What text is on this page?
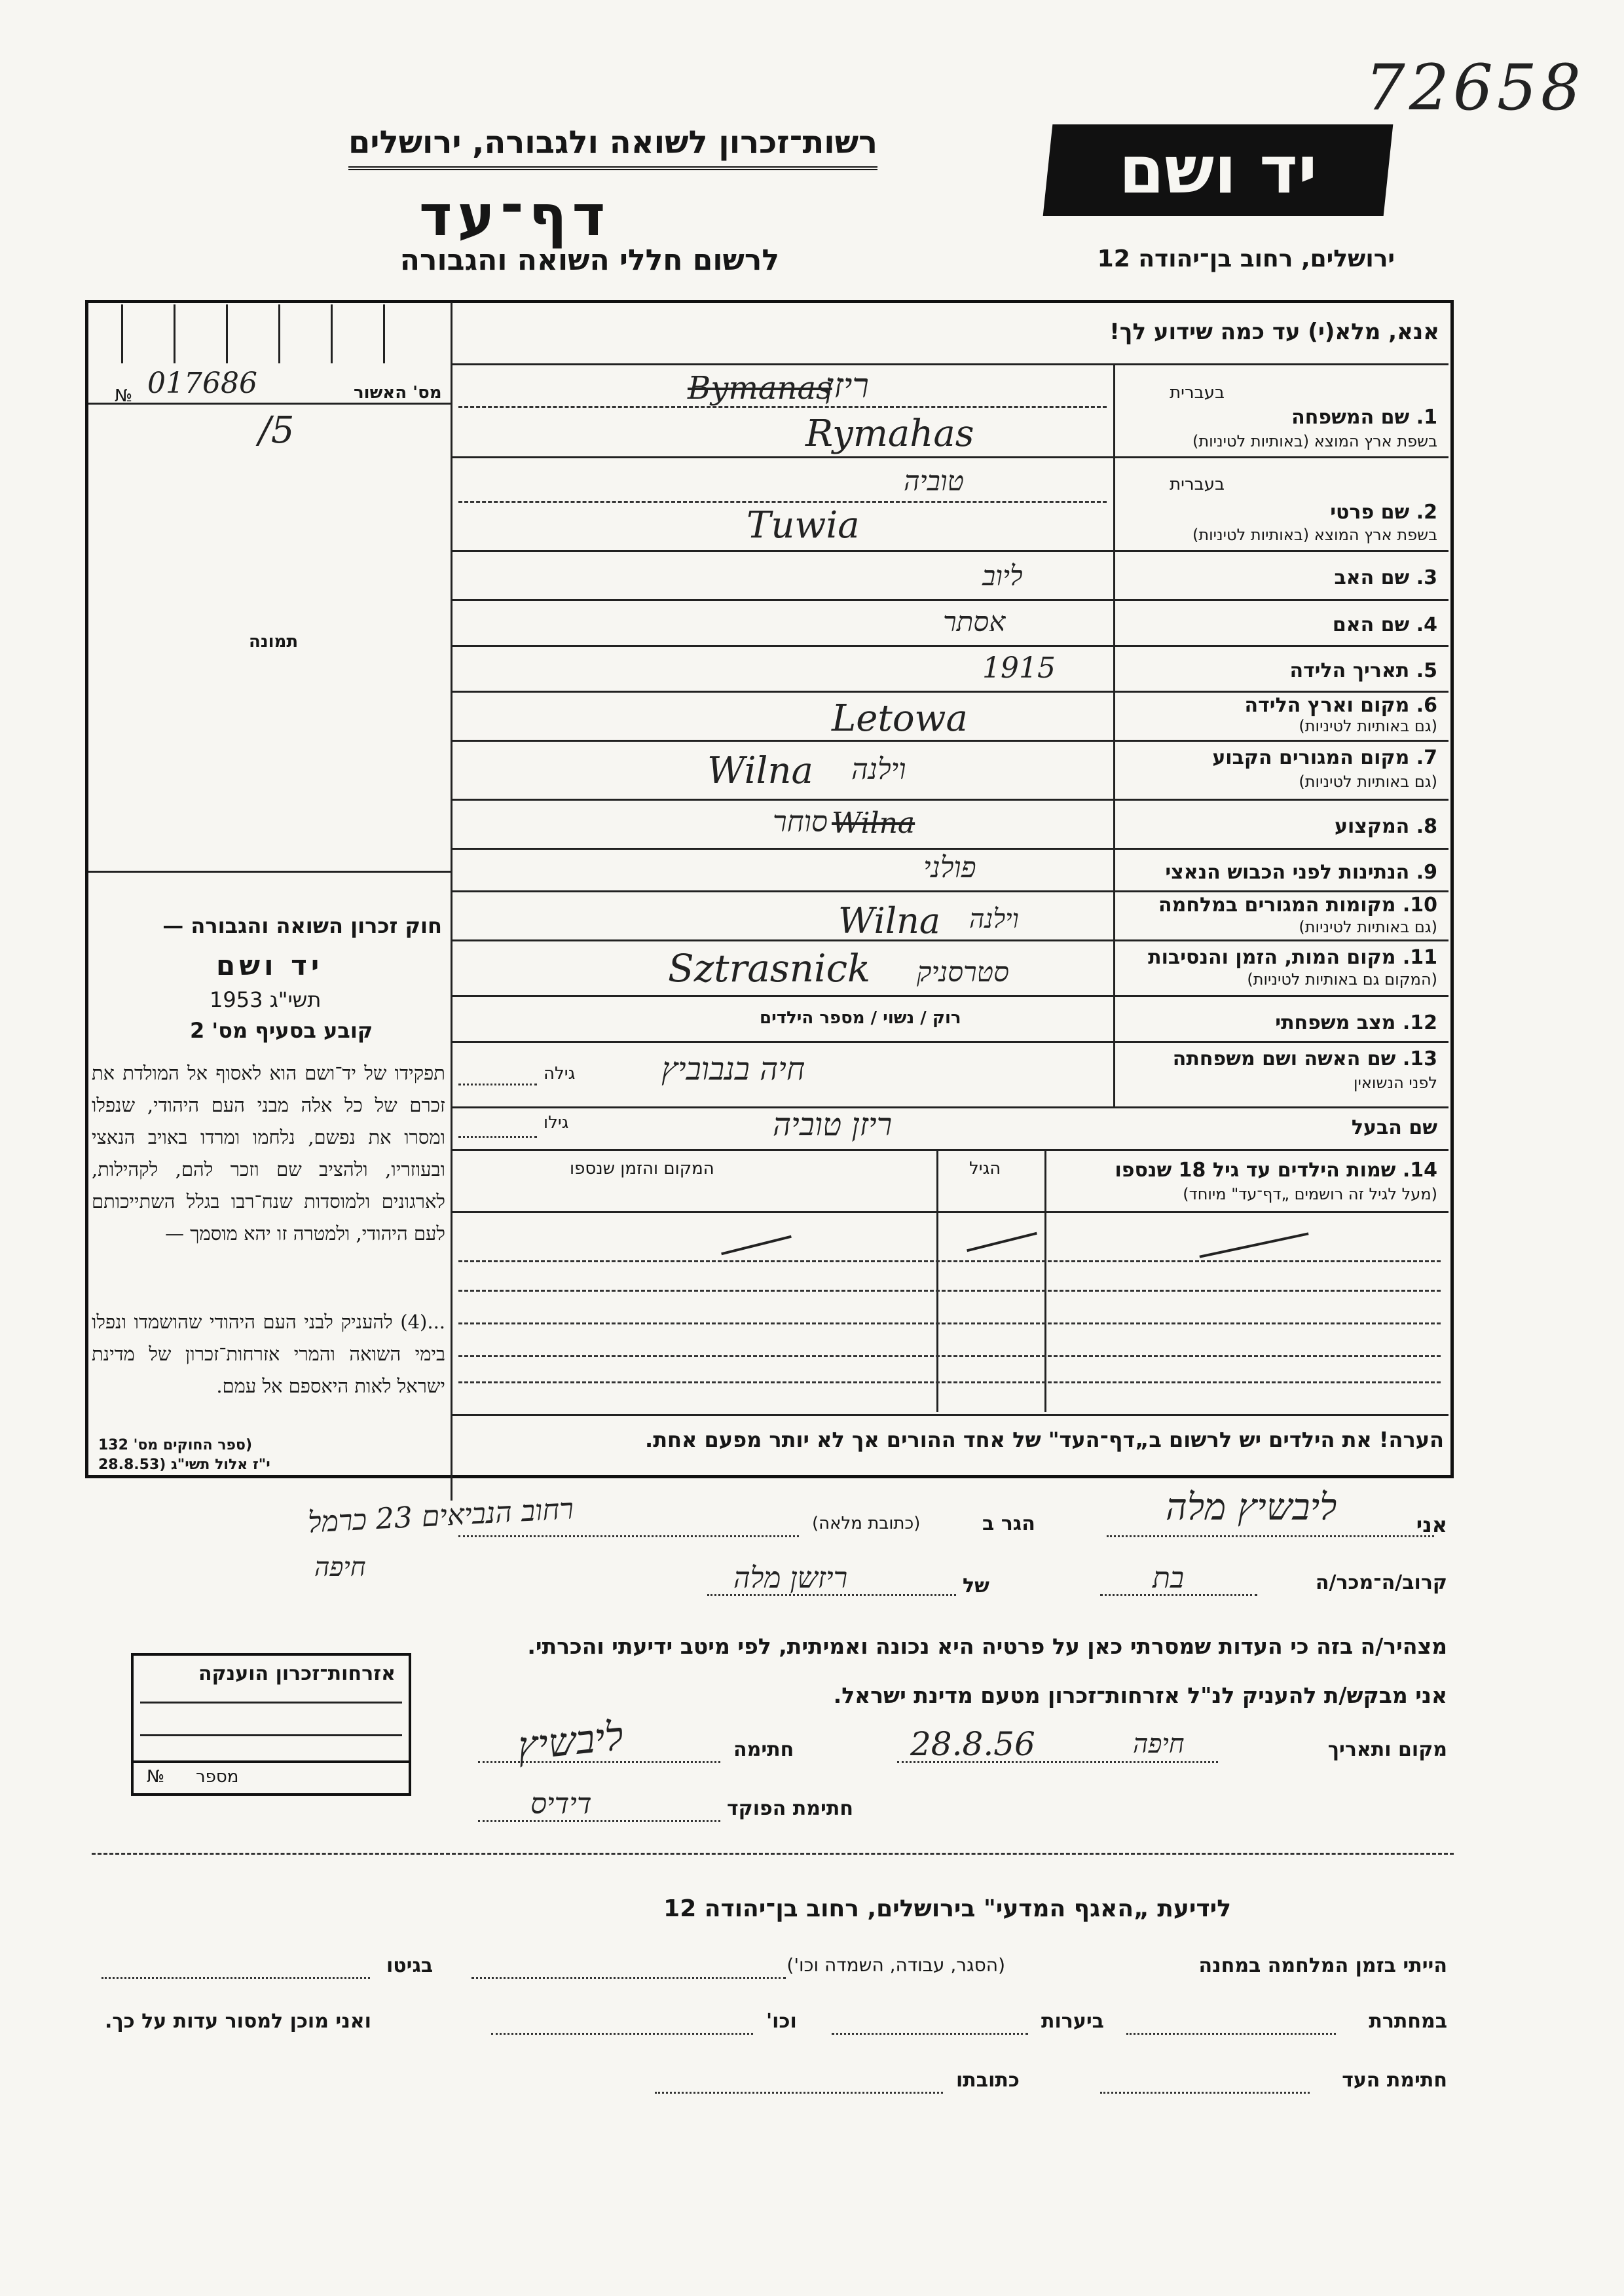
72658
רשות־זכרון לשואה ולגבורה, ירושלים	יד ושם
דף־עד
לרשום חללי השואה והגבורה	ירושלים, רחוב בן־יהודה 12
אנא, מלא(י) עד כמה שידוע לך!
מס' האשור
№ 017686
/5
תמונה
חוק זכרון השואה והגבורה —
יד ושם
תשי"ג 1953
קובע בסעיף מס' 2
תפקידו של יד־ושם הוא לאסוף אל המולדת את זכרם של כל אלה מבני העם היהודי, שנפלו ומסרו את נפשם, נלחמו ומרדו באויב הנאצי ובעוזריו, ולהציב שם וזכר להם, לקהילות, לארגונים ולמוסדות שנח־רבו בגלל השתייכותם לעם היהודי, ולמטרה זו יהא מוסמך —
...(4) להעניק לבני העם היהודי שהושמדו ונפלו בימי השואה והמרי אזרחות־זכרון של מדינת ישראל לאות היאספם אל עמם.
(ספר החוקים מס' 132
י"ז אלול תשי"ג (28.8.53
בעברית
1. שם המשפחה
בשפת ארץ המוצא (באותיות לטיניות)
ריזן
Bymanas
Rymahas
בעברית
2. שם פרטי
בשפת ארץ המוצא (באותיות לטיניות)
טוביה
Tuwia
3. שם האב
ליוב
4. שם האם
אסתר
5. תאריך הלידה
1915
6. מקום וארץ הלידה
(גם באותיות לטיניות)
Letowa
7. מקום המגורים הקבוע
(גם באותיות לטיניות)
Wilna וילנה
8. המקצוע
סוחר Wilna
9. הנתינות לפני הכבוש הנאצי
פולני
10. מקומות המגורים במלחמה
(גם באותיות לטיניות)
Wilna וילנה
11. מקום המות, הזמן והנסיבות
(המקום גם באותיות לטיניות)
Sztrasnick סטרסניק
12. מצב משפחתי
רוק / נשוי / מספר הילדים
13. שם האשה ושם משפחתה
לפני הנשואין
גילה	חיה בנבוביץ
שם הבעל
גילו	ריזן טוביה
14. שמות הילדים עד גיל 18 שנספו
(מעל לגיל זה רושמים „דף־עד" מיוחד)
הגיל
המקום והזמן שנספו
הערה! את הילדים יש לרשום ב„דף־העד" של אחד ההורים אך לא יותר מפעם אחת.
אני
ליבשיץ מלה
הגר ב
(כתובת מלאה)
רחוב הנביאים 23 כרמל
חיפה
קרוב/ה־מכר/ה
בת
של
ריזשן מלה
מצהיר/ה בזה כי העדות שמסרתי כאן על פרטיה היא נכונה ואמיתית, לפי מיטב ידיעתי והכרתי.
אני מבקש/ת להעניק לנ"ל אזרחות־זכרון מטעם מדינת ישראל.
מקום ותאריך
חיפה
28.8.56
חתימה
ליבשיץ
חתימת הפוקד
דידיס
אזרחות־זכרון הוענקה
№ מספר
לידיעת „האגף המדעי" בירושלים, רחוב בן־יהודה 12
הייתי בזמן המלחמה במחנה
(הסגר, עבודה, השמדה וכו')
בגיטו
במחתרת
ביערות
וכו'
ואני מוכן למסור עדות על כך.
חתימת העד
כתובתו
